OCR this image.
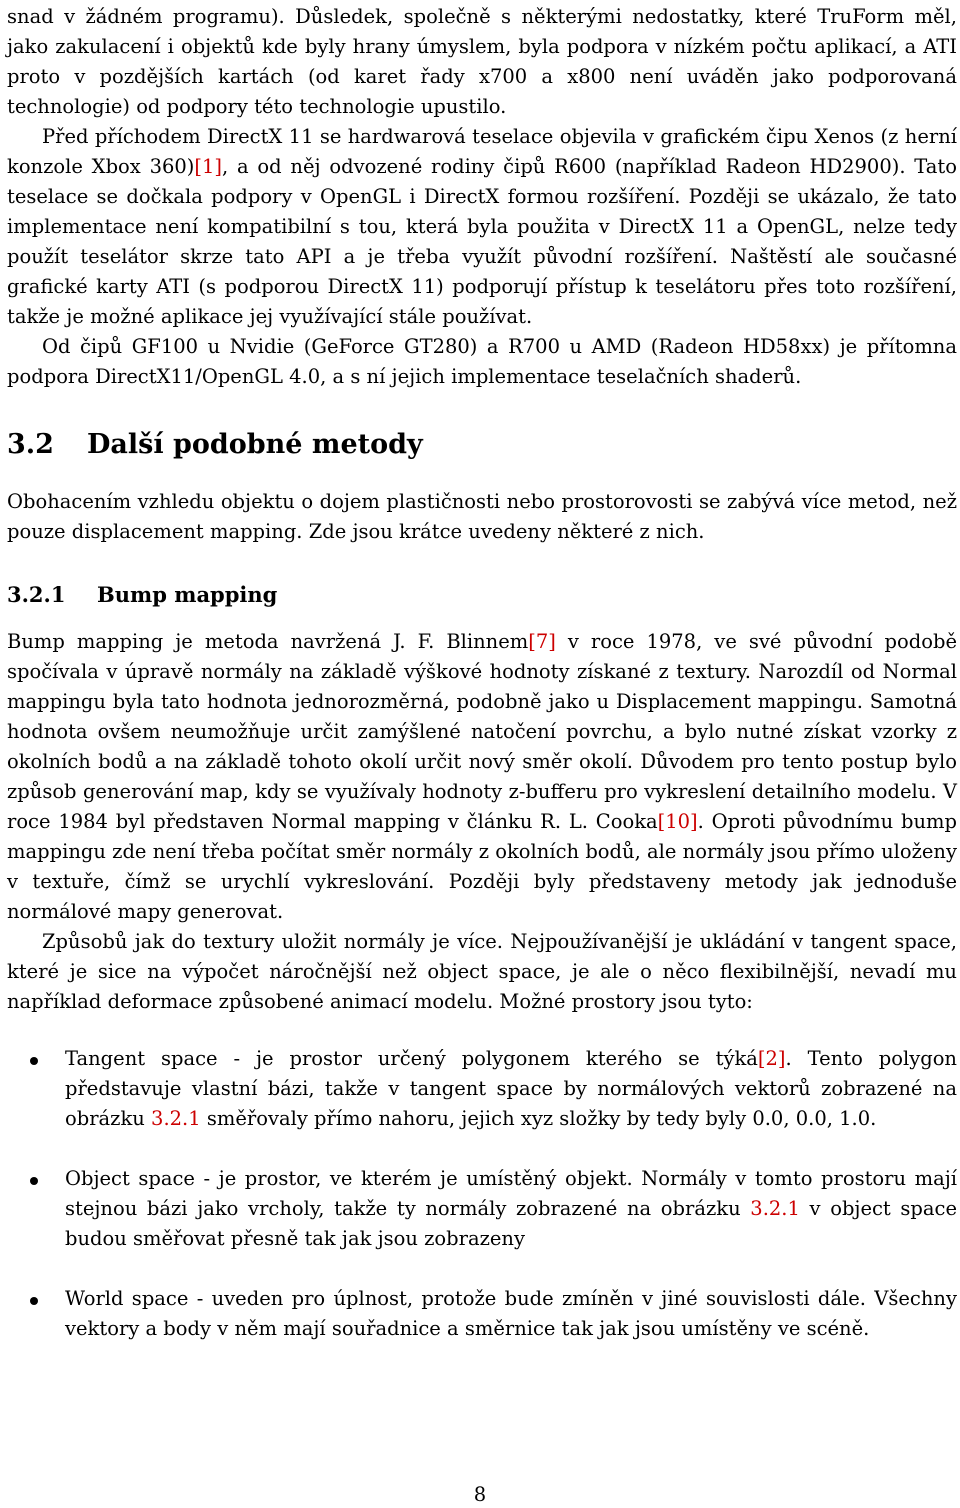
snad v žádném programu). Důsledek, společně s některými nedostatky, které TruForm měl, jako zakulacení i objektů kde byly hrany úmyslem, byla podpora v nízkém počtu aplikací, a ATI proto v pozdějších kartách (od karet řady x700 a x800 není uváděn jako podporovaná technologie) od podpory této technologie upustilo.

Před příchodem DirectX 11 se hardwarová teselace objevila v grafickém čipu Xenos (z herní konzole Xbox 360)[1], a od něj odvozené rodiny čipů R600 (například Radeon HD2900). Tato teselace se dočkala podpory v OpenGL i DirectX formou rozšíření. Později se ukázalo, že tato implementace není kompatibilní s tou, která byla použita v DirectX 11 a OpenGL, nelze tedy použít teselátor skrze tato API a je třeba využít původní rozšíření. Naštěstí ale současné grafické karty ATI (s podporou DirectX 11) podporují přístup k teselátoru přes toto rozšíření, takže je možné aplikace jej využívající stále používat.

Od čipů GF100 u Nvidie (GeForce GT280) a R700 u AMD (Radeon HD58xx) je přítomna podpora DirectX11/OpenGL 4.0, a s ní jejich implementace teselačních shaderů.

3.2 Další podobné metody

Obohacením vzhledu objektu o dojem plastičnosti nebo prostorovosti se zabývá více metod, než pouze displacement mapping. Zde jsou krátce uvedeny některé z nich.

3.2.1 Bump mapping

Bump mapping je metoda navržená J. F. Blinnem[7] v roce 1978, ve své původní podobě spočívala v úpravě normály na základě výškové hodnoty získané z textury. Narozdíl od Normal mappingu byla tato hodnota jednorozměrná, podobně jako u Displacement mappingu. Samotná hodnota ovšem neumožňuje určit zamýšlené natočení povrchu, a bylo nutné získat vzorky z okolních bodů a na základě tohoto okolí určit nový směr okolí. Důvodem pro tento postup bylo způsob generování map, kdy se využívaly hodnoty z-bufferu pro vykreslení detailního modelu. V roce 1984 byl představen Normal mapping v článku R. L. Cooka[10]. Oproti původnímu bump mappingu zde není třeba počítat směr normály z okolních bodů, ale normály jsou přímo uloženy v textuře, čímž se urychlí vykreslování. Později byly představeny metody jak jednoduše normálové mapy generovat.

Způsobů jak do textury uložit normály je více. Nejpoužívanější je ukládání v tangent space, které je sice na výpočet náročnější než object space, je ale o něco flexibilnější, nevadí mu například deformace způsobené animací modelu. Možné prostory jsou tyto:

Tangent space - je prostor určený polygonem kterého se týká[2]. Tento polygon představuje vlastní bázi, takže v tangent space by normálových vektorů zobrazené na obrázku 3.2.1 směřovaly přímo nahoru, jejich xyz složky by tedy byly 0.0, 0.0, 1.0.

Object space - je prostor, ve kterém je umístěný objekt. Normály v tomto prostoru mají stejnou bázi jako vrcholy, takže ty normály zobrazené na obrázku 3.2.1 v object space budou směřovat přesně tak jak jsou zobrazeny

World space - uveden pro úplnost, protože bude zmíněn v jiné souvislosti dále. Všechny vektory a body v něm mají souřadnice a směrnice tak jak jsou umístěny ve scéně.

8
